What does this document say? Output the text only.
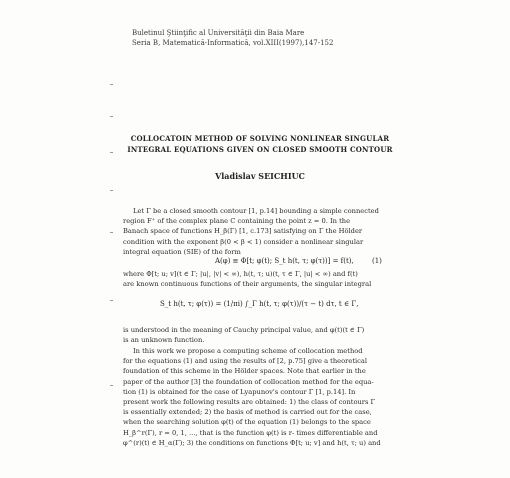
Buletinul Ştiinţific al Universităţii din Baia Mare
Seria B, Matematică-Informatică, vol.XIII(1997),147-152
COLLOCATOIN METHOD OF SOLVING NONLINEAR SINGULAR
INTEGRAL EQUATIONS GIVEN ON CLOSED SMOOTH CONTOUR
Vladislav SEICHIUC
Let Γ be a closed smooth contour [1, p.14] bounding a simple connected
region F⁺ of the complex plane C containing the point z = 0. In the
Banach space of functions H_β(Γ) [1, c.173] satisfying on Γ the Hölder
condition with the exponent β(0 < β < 1) consider a nonlinear singular
integral equation (SIE) of the form
A(φ) ≡ Φ[t; φ(t); S_t h(t, τ; φ(τ))] = f(t),	(1)
where Φ[t; u; v](t ∈ Γ; |u|, |v| < ∞), h(t, τ; u)(t, τ ∈ Γ, |u| < ∞) and f(t)
are known continuous functions of their arguments, the singular integral
S_t h(t, τ; φ(τ)) = (1/πi) ∫_Γ h(t, τ; φ(τ))/(τ − t) dτ, t ∈ Γ,
is understood in the meaning of Cauchy principal value, and φ(t)(t ∈ Γ)
is an unknown function.
In this work we propose a computing scheme of collocation method
for the equations (1) and using the results of [2, p.75] give a theoretical
foundation of this scheme in the Hölder spaces. Note that earlier in the
paper of the author [3] the foundation of collocation method for the equa-
tion (1) is obtained for the case of Lyapunov's contour Γ [1, p.14]. In
present work the following results are obtained: 1) the class of contours Γ
is essentially extended; 2) the basis of method is carried out for the case,
when the searching solution φ(t) of the equation (1) belongs to the space
H_β^r(Γ), r = 0, 1, ..., that is the function φ(t) is r- times differentiable and
φ^(r)(t) ∈ H_α(Γ); 3) the conditions on functions Φ[t; u; v] and h(t, τ; u) and
